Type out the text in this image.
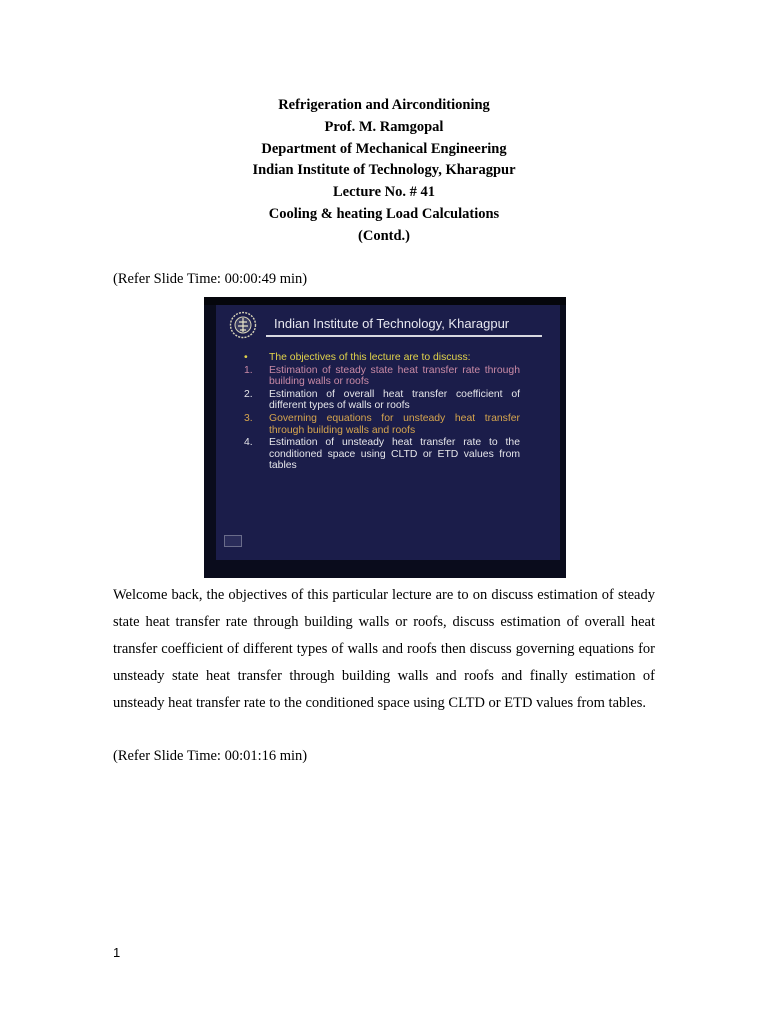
Refrigeration and Airconditioning
Prof. M. Ramgopal
Department of Mechanical Engineering
Indian Institute of Technology, Kharagpur
Lecture No. # 41
Cooling & heating Load Calculations
(Contd.)
(Refer Slide Time: 00:00:49 min)
Indian Institute of Technology, Kharagpur
• The objectives of this lecture are to discuss:
1. Estimation of steady state heat transfer rate through building walls or roofs
2. Estimation of overall heat transfer coefficient of different types of walls or roofs
3. Governing equations for unsteady heat transfer through building walls and roofs
4. Estimation of unsteady heat transfer rate to the conditioned space using CLTD or ETD values from tables
Welcome back, the objectives of this particular lecture are to on discuss estimation of steady state heat transfer rate through building walls or roofs, discuss estimation of overall heat transfer coefficient of different types of walls and roofs then discuss governing equations for unsteady state heat transfer through building walls and roofs and finally estimation of unsteady heat transfer rate to the conditioned space using CLTD or ETD values from tables.
(Refer Slide Time: 00:01:16 min)
1
